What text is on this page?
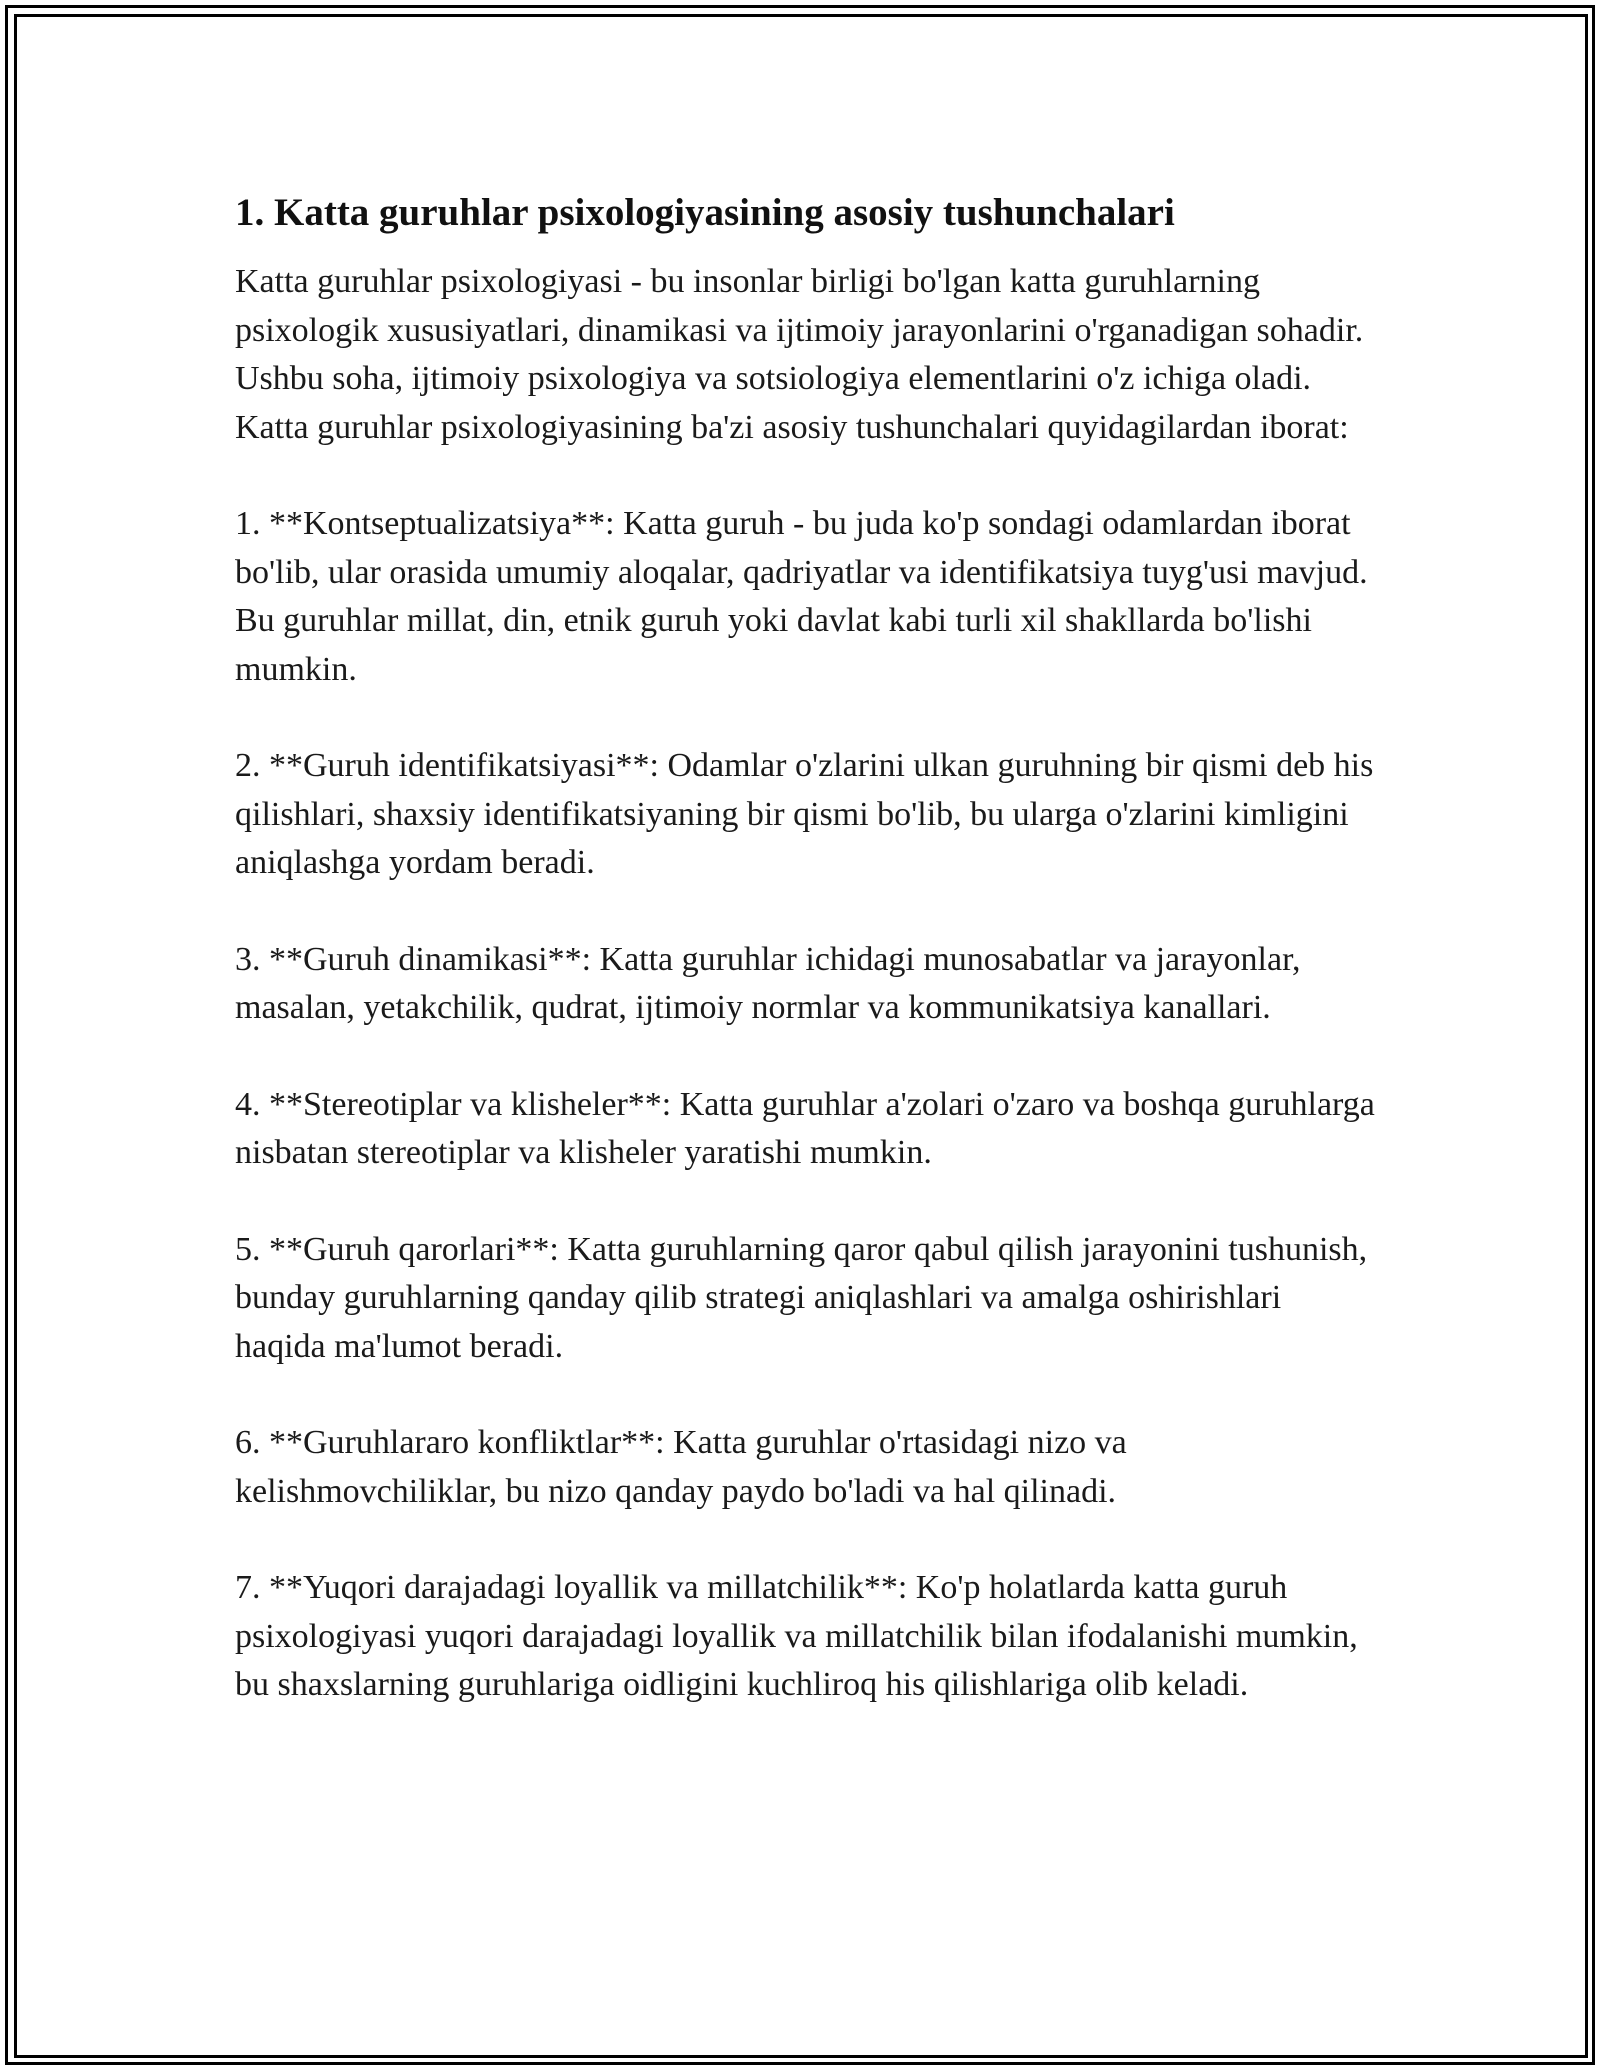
1. Katta guruhlar psixologiyasining asosiy tushunchalari

Katta guruhlar psixologiyasi - bu insonlar birligi bo'lgan katta guruhlarning psixologik xususiyatlari, dinamikasi va ijtimoiy jarayonlarini o'rganadigan sohadir. Ushbu soha, ijtimoiy psixologiya va sotsiologiya elementlarini o'z ichiga oladi. Katta guruhlar psixologiyasining ba'zi asosiy tushunchalari quyidagilardan iborat:

1. **Kontseptualizatsiya**: Katta guruh - bu juda ko'p sondagi odamlardan iborat bo'lib, ular orasida umumiy aloqalar, qadriyatlar va identifikatsiya tuyg'usi mavjud. Bu guruhlar millat, din, etnik guruh yoki davlat kabi turli xil shakllarda bo'lishi mumkin.

2. **Guruh identifikatsiyasi**: Odamlar o'zlarini ulkan guruhning bir qismi deb his qilishlari, shaxsiy identifikatsiyaning bir qismi bo'lib, bu ularga o'zlarini kimligini aniqlashga yordam beradi.

3. **Guruh dinamikasi**: Katta guruhlar ichidagi munosabatlar va jarayonlar, masalan, yetakchilik, qudrat, ijtimoiy normlar va kommunikatsiya kanallari.

4. **Stereotiplar va klisheler**: Katta guruhlar a'zolari o'zaro va boshqa guruhlarga nisbatan stereotiplar va klisheler yaratishi mumkin.

5. **Guruh qarorlari**: Katta guruhlarning qaror qabul qilish jarayonini tushunish, bunday guruhlarning qanday qilib strategi aniqlashlari va amalga oshirishlari haqida ma'lumot beradi.

6. **Guruhlararo konfliktlar**: Katta guruhlar o'rtasidagi nizo va kelishmovchiliklar, bu nizo qanday paydo bo'ladi va hal qilinadi.

7. **Yuqori darajadagi loyallik va millatchilik**: Ko'p holatlarda katta guruh psixologiyasi yuqori darajadagi loyallik va millatchilik bilan ifodalanishi mumkin, bu shaxslarning guruhlariga oidligini kuchliroq his qilishlariga olib keladi.
